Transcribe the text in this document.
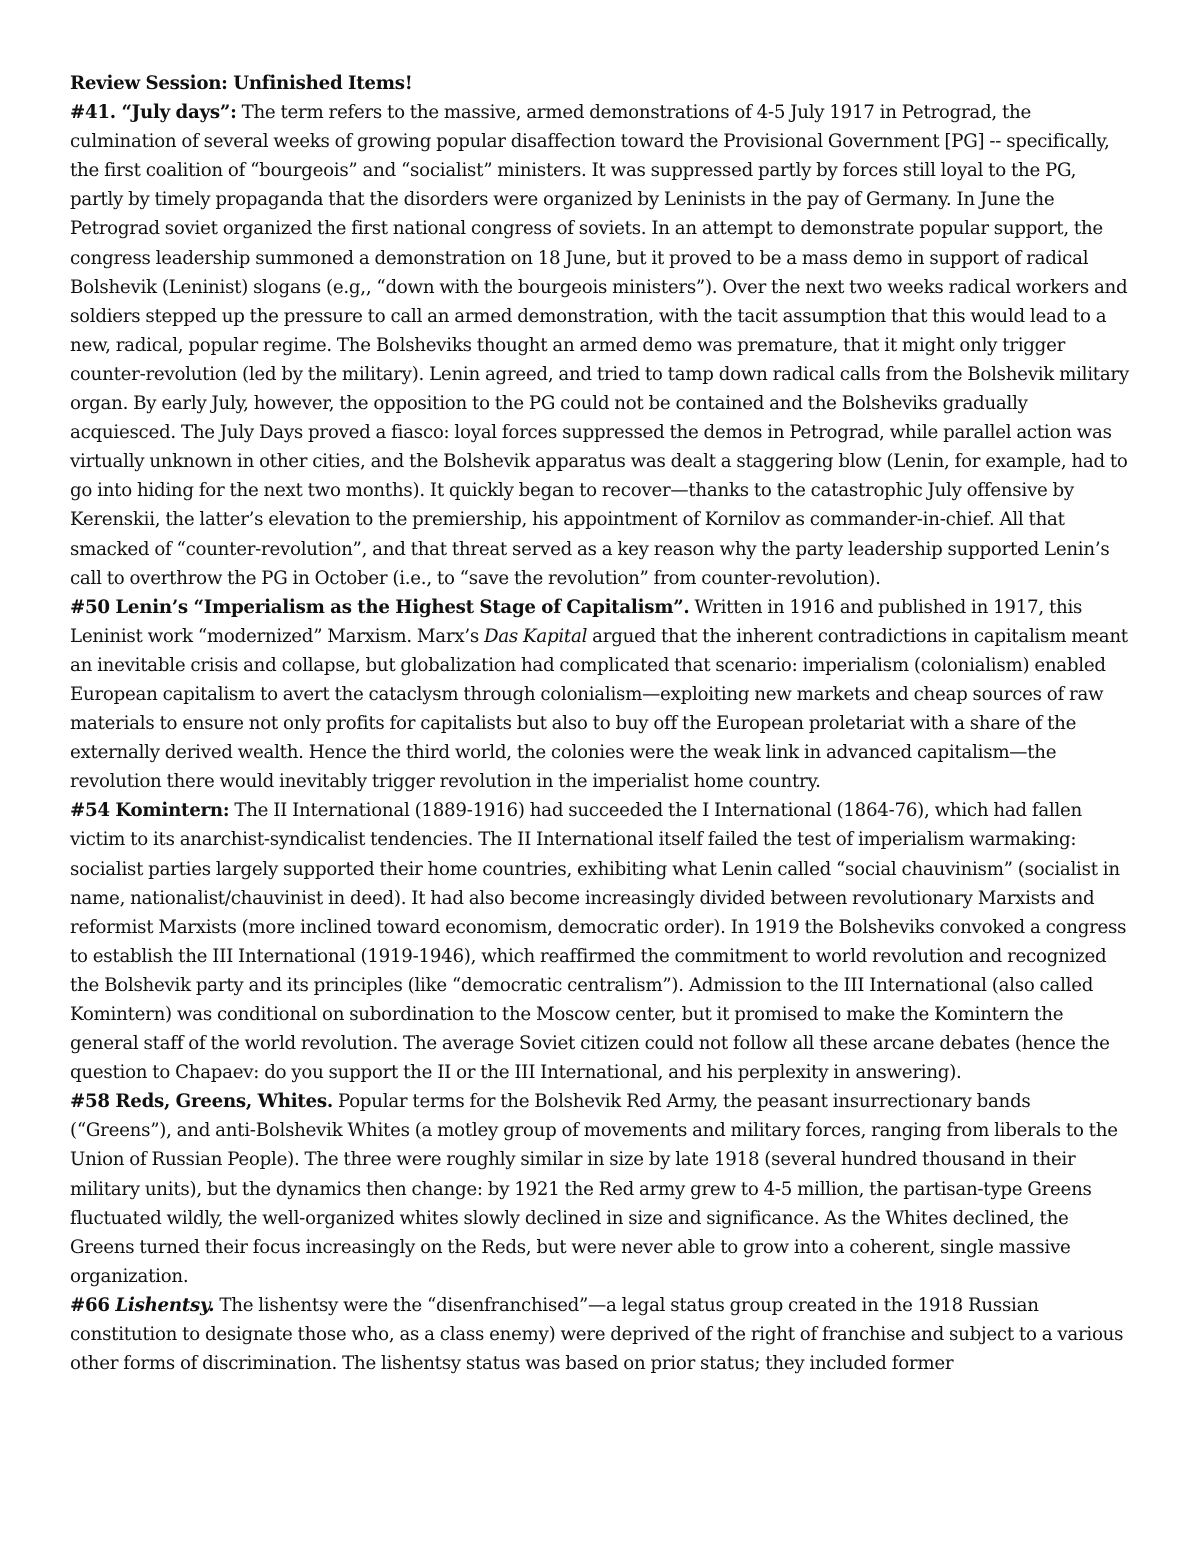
Review Session: Unfinished Items!

#41. “July days”: The term refers to the massive, armed demonstrations of 4-5 July 1917 in Petrograd, the culmination of several weeks of growing popular disaffection toward the Provisional Government [PG] -- specifically, the first coalition of “bourgeois” and “socialist” ministers. It was suppressed partly by forces still loyal to the PG, partly by timely propaganda that the disorders were organized by Leninists in the pay of Germany. In June the Petrograd soviet organized the first national congress of soviets. In an attempt to demonstrate popular support, the congress leadership summoned a demonstration on 18 June, but it proved to be a mass demo in support of radical Bolshevik (Leninist) slogans (e.g,, “down with the bourgeois ministers”). Over the next two weeks radical workers and soldiers stepped up the pressure to call an armed demonstration, with the tacit assumption that this would lead to a new, radical, popular regime. The Bolsheviks thought an armed demo was premature, that it might only trigger counter-revolution (led by the military). Lenin agreed, and tried to tamp down radical calls from the Bolshevik military organ. By early July, however, the opposition to the PG could not be contained and the Bolsheviks gradually acquiesced. The July Days proved a fiasco: loyal forces suppressed the demos in Petrograd, while parallel action was virtually unknown in other cities, and the Bolshevik apparatus was dealt a staggering blow (Lenin, for example, had to go into hiding for the next two months). It quickly began to recover—thanks to the catastrophic July offensive by Kerenskii, the latter’s elevation to the premiership, his appointment of Kornilov as commander-in-chief. All that smacked of “counter-revolution”, and that threat served as a key reason why the party leadership supported Lenin’s call to overthrow the PG in October (i.e., to “save the revolution” from counter-revolution).

#50 Lenin’s “Imperialism as the Highest Stage of Capitalism”. Written in 1916 and published in 1917, this Leninist work “modernized” Marxism. Marx’s Das Kapital argued that the inherent contradictions in capitalism meant an inevitable crisis and collapse, but globalization had complicated that scenario: imperialism (colonialism) enabled European capitalism to avert the cataclysm through colonialism—exploiting new markets and cheap sources of raw materials to ensure not only profits for capitalists but also to buy off the European proletariat with a share of the externally derived wealth. Hence the third world, the colonies were the weak link in advanced capitalism—the revolution there would inevitably trigger revolution in the imperialist home country.

#54 Komintern: The II International (1889-1916) had succeeded the I International (1864-76), which had fallen victim to its anarchist-syndicalist tendencies. The II International itself failed the test of imperialism warmaking: socialist parties largely supported their home countries, exhibiting what Lenin called “social chauvinism” (socialist in name, nationalist/chauvinist in deed). It had also become increasingly divided between revolutionary Marxists and reformist Marxists (more inclined toward economism, democratic order). In 1919 the Bolsheviks convoked a congress to establish the III International (1919-1946), which reaffirmed the commitment to world revolution and recognized the Bolshevik party and its principles (like “democratic centralism”). Admission to the III International (also called Komintern) was conditional on subordination to the Moscow center, but it promised to make the Komintern the general staff of the world revolution. The average Soviet citizen could not follow all these arcane debates (hence the question to Chapaev: do you support the II or the III International, and his perplexity in answering).

#58 Reds, Greens, Whites. Popular terms for the Bolshevik Red Army, the peasant insurrectionary bands (“Greens”), and anti-Bolshevik Whites (a motley group of movements and military forces, ranging from liberals to the Union of Russian People). The three were roughly similar in size by late 1918 (several hundred thousand in their military units), but the dynamics then change: by 1921 the Red army grew to 4-5 million, the partisan-type Greens fluctuated wildly, the well-organized whites slowly declined in size and significance. As the Whites declined, the Greens turned their focus increasingly on the Reds, but were never able to grow into a coherent, single massive organization.

#66 Lishentsy. The lishentsy were the “disenfranchised”—a legal status group created in the 1918 Russian constitution to designate those who, as a class enemy) were deprived of the right of franchise and subject to a various other forms of discrimination. The lishentsy status was based on prior status; they included former
